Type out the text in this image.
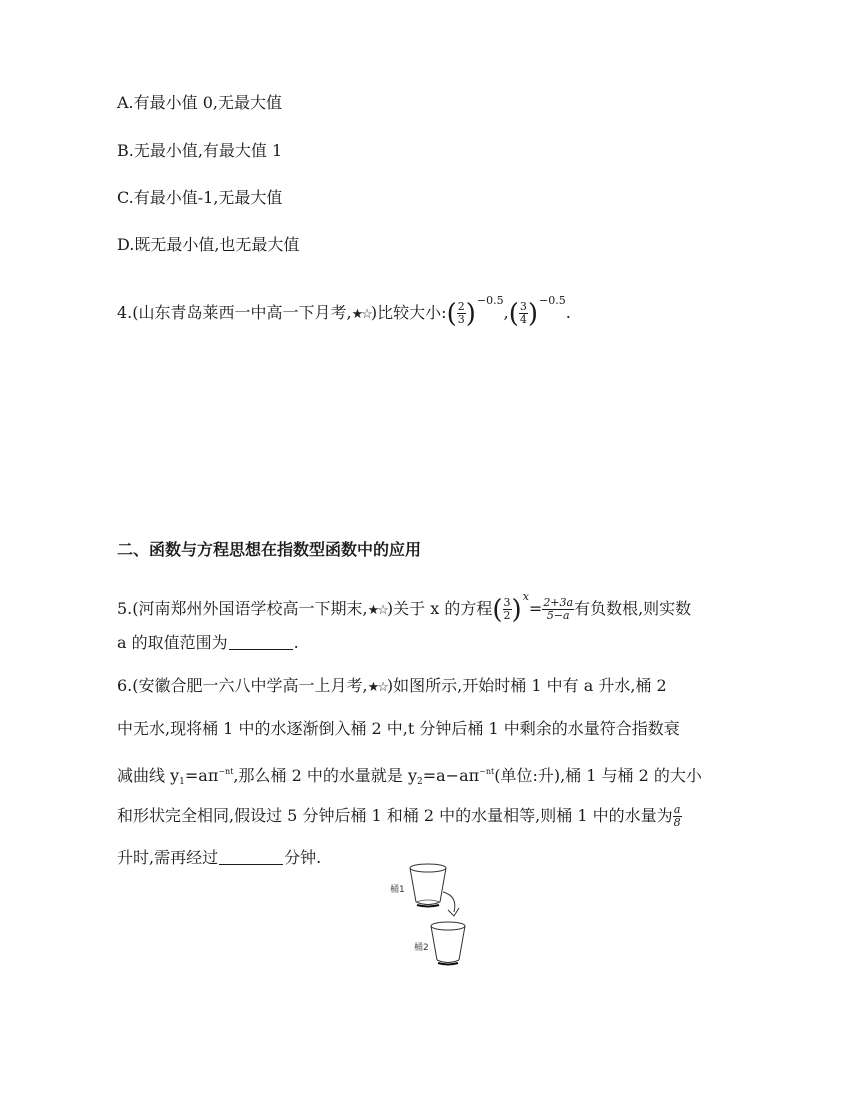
A.有最小值 0,无最大值
B.无最小值,有最大值 1
C.有最小值-1,无最大值
D.既无最小值,也无最大值
4.(山东青岛莱西一中高一下月考,★☆)比较大小:( $\frac{2}{3} )^{-0.5},( \frac{3}{4} )^{-0.5}$.
二、函数与方程思想在指数型函数中的应用
5.(河南郑州外国语学校高一下期末,★☆)关于 x 的方程( $\frac{3}{2} )^x= \frac{2+3a}{5-a}$ 有负数根,则实数
a 的取值范围为	.
6.(安徽合肥一六八中学高一上月考,★☆)如图所示,开始时桶 1 中有 a 升水,桶 2
中无水,现将桶 1 中的水逐渐倒入桶 2 中,t 分钟后桶 1 中剩余的水量符合指数衰
减曲线 $y_1=a\pi^{-nt}$,那么桶 2 中的水量就是 $y_2=a-a\pi^{-nt}$(单位:升),桶 1 与桶 2 的大小
和形状完全相同,假设过 5 分钟后桶 1 和桶 2 中的水量相等,则桶 1 中的水量为 $\frac{a}{8}$
升时,需再经过	分钟.
桶1
桶2
